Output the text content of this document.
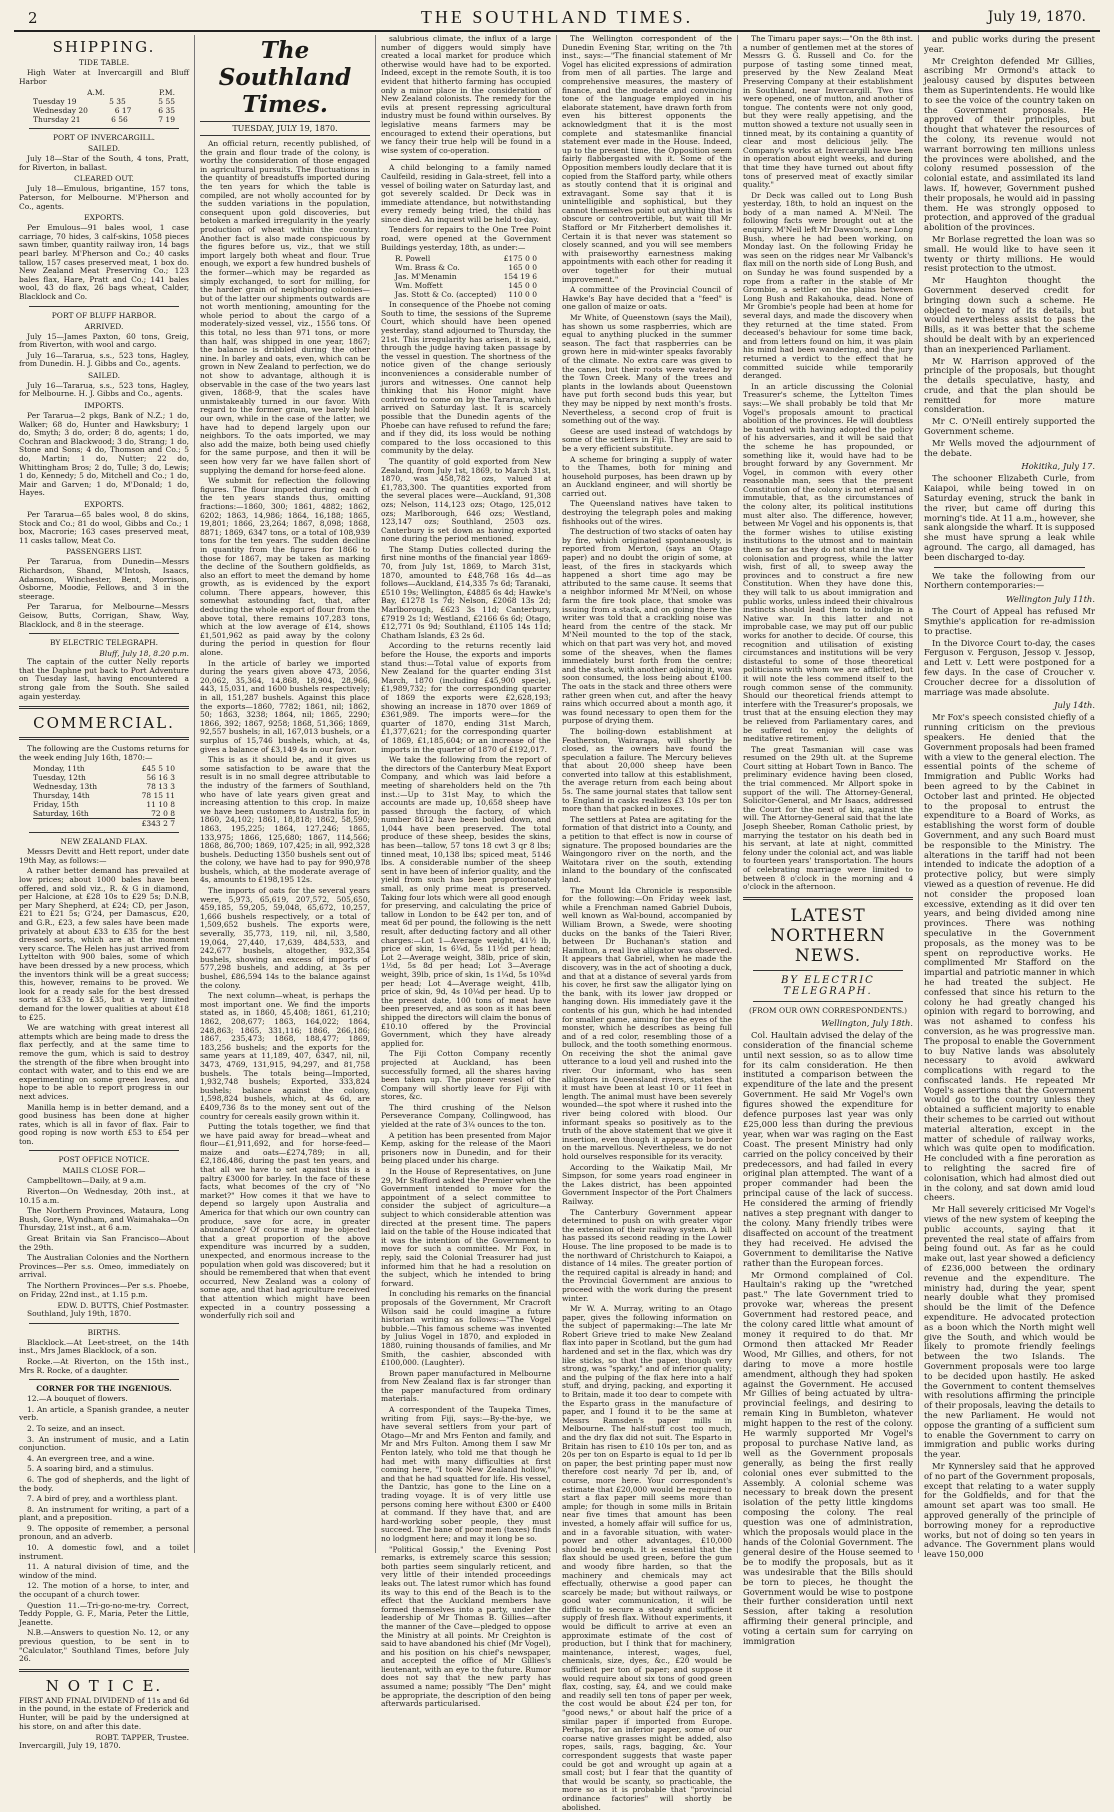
2	THE SOUTHLAND TIMES.	July 19, 1870.
SHIPPING.
TIDE TABLE.

High Water at Invercargill and Bluff Harbor

A.M.	P.M.
Tuesday 19	5 35	5 55
Wednesday 20	6 17	6 35
Thursday 21	6 56	7 19
PORT OF INVERCARGILL.
SAILED.

July 18—Star of the South, 4 tons, Pratt, for Riverton, in ballast.

CLEARED OUT.

July 18—Emulous, brigantine, 157 tons, Paterson, for Melbourne. M'Pherson and Co., agents.

EXPORTS.

Per Emulous—91 bales wool, 1 case carriage, 70 hides, 3 calf-skins, 1058 pieces sawn timber, quantity railway iron, 14 bags pearl barley. M'Pherson and Co.; 40 casks tallow, 157 cases preserved meat, 1 box do. New Zealand Meat Preserving Co.; 123 bales flax, Hare, Pratt and Co.; 141 bales wool, 43 do flax, 26 bags wheat, Calder, Blacklock and Co.

PORT OF BLUFF HARBOR.
ARRIVED.

July 15—James Paxton, 60 tons, Greig, from Riverton, with wool and cargo.

July 16—Tararua, s.s., 523 tons, Hagley, from Dunedin. H. J. Gibbs and Co., agents.

SAILED.

July 16—Tararua, s.s., 523 tons, Hagley, for Melbourne. H. J. Gibbs and Co., agents.

IMPORTS.

Per Tararua—2 pkgs, Bank of N.Z.; 1 do, Walker; 68 do, Hunter and Hawksbury; 1 do, Smyth; 3 do, order; 8 do, agents; 1 do, Cochran and Blackwood; 3 do, Strang; 1 do, Stone and Sons; 4 do, Thomson and Co.; 5 do, Martin; 1 do, Nutter; 22 do, Whittingham Bros; 2 do, Tulle; 3 do, Lewis; 1 do, Kennedy; 5 do, Mitchell and Co.; 1 do, Mair and Garven; 1 do, M'Donald; 1 do, Hayes.

EXPORTS.

Per Tararua—65 bales wool, 8 do skins, Stock and Co.; 81 do wool, Gibbs and Co.; 1 box, Macrorie; 163 cases preserved meat, 11 casks tallow, Meat Co.

PASSENGERS LIST.

Per Tararua, from Dunedin—Messrs Richardson, Shand, M'Intosh, Isaacs, Adamson, Winchester, Bent, Morrison, Osborne, Moodie, Fellows, and 3 in the steerage.

Per Tararua, for Melbourne—Messrs Geisow, Butts, Corrigan, Shaw, Way, Blacklock, and 8 in the steerage.

BY ELECTRIC TELEGRAPH.
Bluff, July 18, 8.20 p.m.

The captain of the cutter Nelly reports that the Daphne put back to Port Adventure on Tuesday last, having encountered a strong gale from the South. She sailed again yesterday.

COMMERCIAL.

The following are the Customs returns for the week ending July 16th, 1870:—

Monday, 11th	£45 5 10
Tuesday, 12th	56 16 3
Wednesday, 13th	78 13 3
Thursday, 14th	78 15 11
Friday, 15th	11 10 8
Saturday, 16th	72 0 8
£343 2 7
NEW ZEALAND FLAX.

Messrs Devitt and Hett report, under date 19th May, as follows:—

A rather better demand has prevailed at low prices; about 1000 bales have been offered, and sold viz., R. & G in diamond, per Halcione, at £28 10s to £29 5s; D.N.B, per Mary Shepherd, at £24; CD, per Jason, £21 to £21 5s; G'24, per Damascus, £20, and G.R., £23, a few sales have been made privately at about £33 to £35 for the best dressed sorts, which are at the moment very scarce. The Helen has just arrived from Lyttelton with 900 bales, some of which have been dressed by a new process, which the inventors think will be a great success; this, however, remains to be proved. We look for a ready sale for the best dressed sorts at £33 to £35, but a very limited demand for the lower qualities at about £18 to £25.

We are watching with great interest all attempts which are being made to dress the flax perfectly, and at the same time to remove the gum, which is said to destroy the strength of the fibre when brought into contact with water, and to this end we are experimenting on some green leaves, and hope to be able to report progress in our next advices.

Manilla hemp is in better demand, and a good business has been done at higher rates, which is all in favor of flax. Fair to good roping is now worth £53 to £54 per ton.

POST OFFICE NOTICE.
MAILS CLOSE FOR—

Campbelltown—Daily, at 9 a.m.

Riverton—On Wednesday, 20th inst., at 10.15 a.m.

The Northern Provinces, Mataura, Long Bush, Gore, Wyndham, and Waimahaka—On Thursday, 21st inst., at 6 a.m.

Great Britain via San Francisco—About the 29th.

The Australian Colonies and the Northern Provinces—Per s.s. Omeo, immediately on arrival.

The Northern Provinces—Per s.s. Phoebe, on Friday, 22nd inst., at 1.15 p.m.

EDW. D. BUTTS, Chief Postmaster.

Southland, July 19th, 1870.

BIRTHS.

Blacklock.—At Leet-street, on the 14th inst., Mrs James Blacklock, of a son.

Rocke.—At Riverton, on the 15th inst., Mrs R. Rocke, of a daughter.

CORNER FOR THE INGENIOUS.

12.—A bouquet of flowers.

1. An article, a Spanish grandee, a neuter verb.

2. To seize, and an insect.

3. An instrument of music, and a Latin conjunction.

4. An evergreen tree, and a wine.

5. A soaring bird, and a stimulus.

6. The god of shepherds, and the light of the body.

7. A bird of prey, and a worthless plant.

8. An instrument for writing, a part of a plant, and a preposition.

9. The opposite of remember, a personal pronoun, and an adverb.

10. A domestic fowl, and a toilet instrument.

11. A natural division of time, and the window of the mind.

12. The motion of a horse, to inter, and the occupant of a church tower.

Question 11.—Tri-go-no-me-try. Correct, Teddy Popple, G. F., Maria, Peter the Little, Jeanette.

N.B.—Answers to question No. 12, or any previous question, to be sent in to "Calculator," Southland Times, before July 26.

N O T I C E.

FIRST AND FINAL DIVIDEND of 11s and 6d in the pound, in the estate of Frederick and Hunter, will be paid by the undersigned at his store, on and after this date.

ROBT. TAPPER, Trustee.

Invercargill, July 19, 1870.

The Southland Times.
TUESDAY, JULY 19, 1870.

An official return, recently published, of the grain and flour trade of the colony, is worthy the consideration of those engaged in agricultural pursuits. The fluctuations in the quantity of breadstuffs imported during the ten years for which the table is compiled, are not wholly accounted for by the sudden variations in the population, consequent upon gold discoveries, but betoken a marked irregularity in the yearly production of wheat within the country. Another fact is also made conspicuous by the figures before us, viz., that we still import largely both wheat and flour. True enough, we export a few hundred bushels of the former—which may be regarded as simply exchanged, to sort for milling, for the harder grain of neighboring colonies—but of the latter our shipments outwards are not worth mentioning, amounting for the whole period to about the cargo of a moderately-sized vessel, viz., 1556 tons. Of this total, no less than 971 tons, or more than half, was shipped in one year, 1867; the balance is dribbled during the other nine. In barley and oats, even, which can be grown in New Zealand to perfection, we do not show to advantage, although it is observable in the case of the two years last given, 1868-9, that the scales have unmistakeably turned in our favor. With regard to the former grain, we barely hold our own, while in the case of the latter, we have had to depend largely upon our neighbors. To the oats imported, we may also add the maize, both being used chiefly for the same purpose, and then it will be seen how very far we have fallen short of supplying the demand for horse-feed alone.

We submit for reflection the following figures. The flour imported during each of the ten years stands thus, omitting fractions:—1860, 300; 1861, 4882; 1862, 6202; 1863, 14,986; 1864, 16,188; 1865, 19,801; 1866, 23,264; 1867, 8,098; 1868, 8871; 1869, 6347 tons, or a total of 108,939 tons for the ten years. The sudden decline in quantity from the figures for 1866 to those for 1867, may be taken as marking the decline of the Southern goldfields, as also an effort to meet the demand by home growth, as is evidenced by the export column. There appears, however, this somewhat astounding fact, that, after deducting the whole export of flour from the above total, there remains 107,283 tons, which at the low average of £14, shows £1,501,962 as paid away by the colony during the period in question for flour alone.

In the article of barley we imported during the years given above 473, 2056, 20,062, 35,364, 14,868, 18,904, 28,966, 443, 15,031, and 1600 bushels respectively; in all, 151,287 bushels. Against this place the exports—1860, 7782; 1861, nil; 1862, 50; 1863, 3238; 1864, nil; 1865, 2290; 1866, 392; 1867, 9258; 1868, 51,366; 1869, 92,557 bushels; in all, 167,013 bushels, or a surplus of 15,746 bushels, which, at 4s, gives a balance of £3,149 4s in our favor.

This is as it should be, and it gives us some satisfaction to be aware that the result is in no small degree attributable to the industry of the farmers of Southland, who have of late years given great and increasing attention to this crop. In maize we have been customers to Australia for, in 1860, 24,102; 1861, 18,818; 1862, 58,590; 1863, 195,225; 1864, 127,246; 1865, 133,975; 1866, 125,680; 1867, 114,566; 1868, 86,700; 1869, 107,425; in all, 992,328 bushels. Deducting 1350 bushels sent out of the colony, we have had to pay for 990,978 bushels, which, at the moderate average of 4s, amounts to £198,195 12s.

The imports of oats for the several years were, 5,973, 65,619, 207,572, 505,650, 459,185, 59,205, 59,048, 65,672, 10,257, 1,666 bushels respectively, or a total of 1,509,652 bushels. The exports were, severally, 35,773, 119, nil, nil, 3,580, 19,064, 27,440, 17,639, 484,533, and 242,677 bushels, altogether, 932,354 bushels, showing an excess of imports of 577,298 bushels, and adding, at 3s per bushel, £86,594 14s to the balance against the colony.

The next column—wheat, is perhaps the most important one. We find the imports stated as, in 1860, 45,408; 1861, 61,210; 1862, 208,677; 1863, 164,022; 1864, 248,863; 1865, 331,116; 1866, 266,186; 1867, 235,473; 1868, 188,477; 1869, 183,256 bushels; and the exports for the same years at 11,189, 407, 6347, nil, nil, 3473, 4769, 131,915, 94,297, and 81,758 bushels. The totals being—Imported, 1,932,748 bushels; Exported, 333,824 bushels; balance against the colony, 1,598,824 bushels, which, at 4s 6d, are £409,736 8s to the money sent out of the country for cereals easily grown within it.

Putting the totals together, we find that we have paid away for bread—wheat and flour—£1,911,692, and for horse-feed—maize and oats—£274,789; in all, £2,186,486, during the past ten years, and that all we have to set against this is a paltry £3000 for barley. In the face of these facts, what becomes of the cry of "No market?" How comes it that we have to depend so largely upon Australia and America for that which our own country can produce, save for acre, in greater abundance? Of course it may be objected that a great proportion of the above expenditure was incurred by a sudden, unexpected, and enormous increase to the population when gold was discovered; but it should be remembered that when that event occurred, New Zealand was a colony of some age, and that had agriculture received that attention which might have been expected in a country possessing a wonderfully rich soil and

salubrious climate, the influx of a large number of diggers would simply have created a local market for produce which otherwise would have had to be exported. Indeed, except in the remote South, it is too evident that hitherto farming has occupied only a minor place in the consideration of New Zealand colonists. The remedy for the evils at present repressing agricultural industry must be found within ourselves. By legislative means farmers may be encouraged to extend their operations, but we fancy their true help will be found in a wise system of co-operation.

A child belonging to a family named Caulfeild, residing in Gala-street, fell into a vessel of boiling water on Saturday last, and got severely scalded. Dr Deck was in immediate attendance, but notwithstanding every remedy being tried, the child has since died. An inquest will be held to-day.

Tenders for repairs to the One Tree Point road, were opened at the Government Buildings yesterday, 18th, as under:—

R. Powell	£175 0 0
Wm. Brass & Co.	165 0 0
Jas. M'Menamin	154 19 6
Wm. Moffett	145 0 0
Jas. Stott & Co. (accepted) 110 0 0

In consequence of the Phoebe not coming South to time, the sessions of the Supreme Court, which should have been opened yesterday, stand adjourned to Thursday, the 21st. This irregularity has arisen, it is said, through the judge having taken passage by the vessel in question. The shortness of the notice given of the change seriously inconveniences a considerable number of jurors and witnesses. One cannot help thinking that his Honor might have contrived to come on by the Tararua, which arrived on Saturday last. It is scarcely possible that the Dunedin agents of the Phoebe can have refused to refund the fare; and if they did, its loss would be nothing compared to the loss occasioned to this community by the delay.

The quantity of gold exported from New Zealand, from July 1st, 1869, to March 31st, 1870, was 458,782 ozs, valued at £1,783,300. The quantities exported from the several places were—Auckland, 91,308 ozs; Nelson, 114,123 ozs; Otago, 125,012 ozs; Marlborough, 646 ozs; Westland, 123,147 ozs; Southland, 2503 ozs. Canterbury is set down as having exported none during the period mentioned.

The Stamp Duties collected during the first nine months of the financial year 1869-70, from July 1st, 1869, to March 31st, 1870, amounted to £48,768 16s 4d—as follows—Auckland, £14,335 7s 6d; Taranaki, £510 19s; Wellington, £4885 6s 4d; Hawke's Bay, £1278 1s 7d; Nelson, £2068 13s 2d; Marlborough, £623 3s 11d; Canterbury, £7919 2s 1d; Westland, £2166 6s 6d; Otago, £12,771 0s 9d; Southland, £1105 14s 11d; Chatham Islands, £3 2s 6d.

According to the returns recently laid before the House, the exports and imports stand thus:—Total value of exports from New Zealand for the quarter ending 31st March, 1870 (including £45,900 specie), £1,989,732; for the corresponding quarter of 1869 the exports were £2,628,193; showing an increase in 1870 over 1869 of £361,989. The imports were—for the quarter of 1870, ending 31st March, £1,377,621; for the corresponding quarter of 1869, £1,185,604; or an increase of the imports in the quarter of 1870 of £192,017.

We take the following from the report of the directors of the Canterbury Meat Export Company, and which was laid before a meeting of shareholders held on the 7th inst.:—Up to 31st May, to which the accounts are made up, 10,658 sheep have passed through the factory, of which number 8612 have been boiled down, and 1,044 have been preserved. The total produce of these sheep, besides the skins, has been—tallow, 57 tons 18 cwt 3 qr 8 lbs; tinned meat, 10,138 lbs; spiced meat, 5146 lbs. A considerable number of the sheep sent in have been of inferior quality, and the yield from such has been proportionately small, as only prime meat is preserved. Taking four lots which were all good enough for preserving, and calculating the price of tallow in London to be £42 per ton, and of meat 6d per pound, the following is the nett result, after deducting factory and all other charges:—Lot 1—Average weight, 41½ lb, price of skin, 1s 6¼d, 5s 11½d per head; Lot 2—Average weight, 38lb, price of skin, 1½d, 5s 8d per head; Lot 3—Average weight, 39lb, price of skin, 1s 1¼d, 5s 10¾d per head; Lot 4—Average weight, 41lb, price of skin, 9d, 4s 10¼d per head. Up to the present date, 100 tons of meat have been preserved, and as soon as it has been shipped the directors will claim the bonus of £10.10 offered by the Provincial Government, which they have already applied for.

The Fiji Cotton Company recently projected at Auckland, has been successfully formed, all the shares having been taken up. The pioneer vessel of the Company will shortly leave for Fiji with stores, &c.

The third crushing of the Nelson Perseverance Company, Collingwood, has yielded at the rate of 3¼ ounces to the ton.

A petition has been presented from Major Kemp, asking for the release of the Maori prisoners now in Dunedin, and for their being placed under his charge.

In the House of Representatives, on June 29, Mr Stafford asked the Premier when the Government intended to move for the appointment of a select committee to consider the subject of agriculture—a subject to which considerable attention was directed at the present time. The papers laid on the table of the House indicated that it was the intention of the Government to move for such a committee. Mr Fox, in reply, said the Colonial Treasurer had just informed him that he had a resolution on the subject, which he intended to bring forward.

In concluding his remarks on the financial proposals of the Government, Mr Cracroft Wilson said he could imagine a future historian writing as follows:—"The Vogel bubble.—This famous scheme was invented by Julius Vogel in 1870, and exploded in 1880, ruining thousands of families, and Mr Smith, the cashier, absconded with £100,000. (Laughter).

Brown paper manufactured in Melbourne from New Zealand flax is far stronger than the paper manufactured from ordinary materials.

A correspondent of the Taupeka Times, writing from Fiji, says:—By-the-bye, we have several settlers from your part of Otago—Mr and Mrs Fenton and family, and Mr and Mrs Fulton. Among them I saw Mr Fenton lately, who told me that though he had met with many difficulties at first coming here, "I took New Zealand hollow," and that he had squatted for life. His vessel, the Dantzic, has gone to the Line on a trading voyage. It is of very little use persons coming here without £300 or £400 at command. If they have that, and are hard-working sober people, they must succeed. The bane of poor men (taxes) finds no lodgment here; and may it long be so.

"Political Gossip," the Evening Post remarks, is extremely scarce this session; both parties seem singularly reticent, and very little of their intended proceedings leaks out. The latest rumor which has found its way to this end of the Beach is to the effect that the Auckland members have formed themselves into a party, under the leadership of Mr Thomas B. Gillies—after the manner of the Cave—pledged to oppose the Ministry at all points. Mr Creighton is said to have abandoned his chief (Mr Vogel), and his position on his chief's newspaper, and accepted the office of Mr Gillies's lieutenant, with an eye to the future. Rumor does not say that the new party has assumed a name; possibly "The Den" might be appropriate, the description of den being afterwards particularised.

The Wellington correspondent of the Dunedin Evening Star, writing on the 7th inst., says:—"The financial statement of Mr Vogel has elicited expressions of admiration from men of all parties. The large and comprehensive measures, the mastery of finance, and the moderate and convincing tone of the language employed in his elaborate statement, have drawn forth from even his bitterest opponents the acknowledgment that it is the most complete and statesmanlike financial statement ever made in the House. Indeed, up to the present time, the Opposition seem fairly flabbergasted with it. Some of the Opposition members loudly declare that it is copied from the Stafford party, while others as stoutly contend that it is original and extravagant. Some say that it is unintelligible and sophistical, but they cannot themselves point out anything that is obscure or controvertible, but wait till Mr Stafford or Mr Fitzherbert demolishes it. Certain it is that never was statement so closely scanned, and you will see members with praiseworthy earnestness making appointments with each other for reading it over together for their mutual improvement."

A committee of the Provincial Council of Hawke's Bay have decided that a "feed" is one gallon of maize or oats.

Mr White, of Queenstown (says the Mail), has shown us some raspberries, which are equal to anything plucked in the summer season. The fact that raspberries can be grown here in mid-winter speaks favorably of the climate. No extra care was given to the canes, but their roots were watered by the Town Creek. Many of the trees and plants in the lowlands about Queenstown have put forth second buds this year, but they may be nipped by next month's frosts. Nevertheless, a second crop of fruit is something out of the way.

Geese are used instead of watchdogs by some of the settlers in Fiji. They are said to be a very efficient substitute.

A scheme for bringing a supply of water to the Thames, both for mining and household purposes, has been drawn up by an Auckland engineer, and will shortly be carried out.

The Queensland natives have taken to destroying the telegraph poles and making fishhooks out of the wires.

The destruction of two stacks of oaten hay by fire, which originated spontaneously, is reported from Merton, (says an Otago paper) and no doubt the origin of some, at least, of the fires in stackyards which happened a short time ago may be attributed to the same cause. It seems that a neighbor informed Mr M'Neil, on whose farm the fire took place, that smoke was issuing from a stack, and on going there the writer was told that a crackling noise was heard from the centre of the stack. Mr M'Neil mounted to the top of the stack, which on that part was very hot, and moved some of the sheaves, when the flames immediately burst forth from the centre; and the stack, with another adjoining it, was soon consumed, the loss being about £100. The oats in the stack and three others were rather green when cut, and after the heavy rains which occurred about a month ago, it was found necessary to open them for the purpose of drying them.

The boiling-down establishment at Featherston, Wairarapa, will shortly be closed, as the owners have found the speculation a failure. The Mercury believes that about 20,000 sheep have been converted into tallow at this establishment, the average return from each being about 5s. The same journal states that tallow sent to England in casks realizes £3 10s per ton more than that packed in boxes.

The settlers at Patea are agitating for the formation of that district into a County, and a petition to that effect is now in course of signature. The proposed boundaries are the Waingongoro river on the north, and the Waitotara river on the south, extending inland to the boundary of the confiscated land.

The Mount Ida Chronicle is responsible for the following:—On Friday week last, while a Frenchman named Gabriel Dubois, well known as Wal-bound, accompanied by William Brown, a Swede, were shooting ducks on the banks of the Taieri River, between Dr Buchanan's station and Hamilton, a real live alligator was observed. It appears that Gabriel, when he made the discovery, was in the act of shooting a duck, and that at a distance of several yards from his cover, he first saw the alligator lying on the bank, with its lower jaw dropped or hanging down. His immediately gave it the contents of his gun, which he had intended for smaller game, aiming for the eyes of the monster, which he describes as being full and of a red color, resembling those of a bullock, and the tooth something enormous. On receiving the shot the animal gave utterance to a loud yell and rushed into the river. Our informant, who has seen alligators in Queensland rivers, states that it must have been at least 10 or 11 feet in length. The animal must have been severely wounded—the spot where it rushed into the river being colored with blood. Our informant speaks so positively as to the truth of the above statement that we give it insertion, even though it appears to border on the marvellous. Nevertheless, we do not hold ourselves responsible for its veracity.

According to the Waikatip Mail, Mr Simpson, for some years road engineer in the Lakes district, has been appointed Government Inspector of the Port Chalmers Railway.

The Canterbury Government appear determined to push on with greater vigor the extension of their railway system. A bill has passed its second reading in the Lower House. The line proposed to be made is to the northward of Christchurch to Kaiapoi, a distance of 14 miles. The greater portion of the required capital is already in hand; and the Provincial Government are anxious to proceed with the work during the present winter.

Mr W. A. Murray, writing to an Otago paper, gives the following information on the subject of papermaking:—The late Mr Robert Grieve tried to make New Zealand flax into paper in Scotland, but the gum had hardened and set in the flax, which was dry like sticks, so that the paper, though very strong, was "sparky," and of inferior quality; and the pulping of the flax here into a half stuff, and drying, packing, and exporting it to Britain, made it too dear to compete with the Esparto grass in the manufacture of paper, and I found it to be the same at Messrs Ramsden's paper mills in Melbourne. The half-stuff cost too much, and the dry flax did not suit. The Esparto in Britain has risen to £10 10s per ton, and as 20s per ton on Esparto is equal to 1d per lb on paper, the best printing paper must now therefore cost nearly 7d per lb, and, of course, more here. Your correspondent's estimate that £20,000 would be required to start a flax paper mill seems more than ample; for though in some mills in Britain near five times that amount has been invested, a homely affair will suffice for us, and in a favorable situation, with water-power and other advantages, £10,000 should be enough. It is essential that the flax should be used green, before the gum and woody fibre harden, so that the machinery and chemicals may act effectually, otherwise a good paper can scarcely be made; but without railways, or good water communication, it will be difficult to secure a steady and sufficient supply of fresh flax. Without experiments, it would be difficult to arrive at even an approximate estimate of the cost of production, but I think that for machinery, maintenance, interest, wages, fuel, chemicals, size, dyes, &c., £20 would be sufficient per ton of paper; and suppose it would require about six tons of good green flax, costing, say, £4, and we could make and readily sell ten tons of paper per week, the cost would be about £24 per ton, for "good news," or about half the price of a similar paper if imported from Europe. Perhaps, for an inferior paper, some of our coarse native grasses might be added, also ropes, sails, rags, bagging, &c. Your correspondent suggests that waste paper could be got and wrought up again at a small cost; but I fear that the quantity of that would be scanty, so practicable, the more so as it is probable that "provincial ordinance factories" will shortly be abolished.

The Timaru paper says:—"On the 8th inst. a number of gentlemen met at the stores of Messrs G. G. Russell and Co. for the purpose of tasting some tinned meat, preserved by the New Zealand Meat Preserving Company at their establishment in Southland, near Invercargill. Two tins were opened, one of mutton, and another of tongue. The contents were not only good, but they were really appetising, and the mutton showed a texture not usually seen in tinned meat, by its containing a quantity of clear and most delicious jelly. The Company's works at Invercargill have been in operation about eight weeks, and during that time they have turned out about fifty tons of preserved meat of exactly similar quality."

Dr Deck was called out to Long Bush yesterday, 18th, to hold an inquest on the body of a man named A. M'Neil. The following facts were brought out at the enquiry. M'Neil left Mr Dawson's, near Long Bush, where he had been working, on Monday last. On the following Friday he was seen on the ridges near Mr Valbanck's flax mill on the north side of Long Bush, and on Sunday he was found suspended by a rope from a rafter in the stable of Mr Grombie, a settler on the plains between Long Bush and Rakahouka, dead. None of Mr Grombie's people had been at home for several days, and made the discovery when they returned at the time stated. From deceased's behaviour for some time back, and from letters found on him, it was plain his mind had been wandering, and the jury returned a verdict to the effect that he committed suicide while temporarily deranged.

In an article discussing the Colonial Treasurer's scheme, the Lyttelton Times says:—We shall probably be told that Mr Vogel's proposals amount to practical abolition of the provinces. He will doubtless be taunted with having adopted the policy of his adversaries, and it will be said that the scheme he has propounded, or something like it, would have had to be brought forward by any Government. Mr Vogel, in common with every other reasonable man, sees that the present Constitution of the colony is not eternal and immutable, that, as the circumstances of the colony alter, its political institutions must alter also. The difference, however, between Mr Vogel and his opponents is, that the former wishes to utilise existing institutions to the utmost and to maintain them so far as they do not stand in the way colonisation and progress, while the latter wish, first of all, to sweep away the provinces and to construct a fire new Constitution. When they have done this, they will talk to us about immigration and public works, unless indeed their chivalrous instincts should lead them to indulge in a Native war. In this latter and not improbable case, we may put off our public works for another to decide. Of course, this recognition and utilisation of existing circumstances and institutions will be very distasteful to some of those theoretical politicians with whom we are afflicted, but it will note the less commend itself to the rough common sense of the community. Should our theoretical friends attempt to interfere with the Treasurer's proposals, we trust that at the ensuing election they may be relieved from Parliamentary cares, and be suffered to enjoy the delights of meditative retirement.

The great Tasmanian will case was resumed on the 29th ult. at the Supreme Court sitting at Hobart Town in Banco. The preliminary evidence having been closed, the trial commenced. Mr Allport spoke in support of the will. The Attorney-General, Solicitor-General, and Mr Isaacs, addressed the Court for the next of kin, against the will. The Attorney-General said that the late Joseph Sheeber, Roman Catholic priest, by marrying the testator on his death bed in his servant, at late at night, committed felony under the colonial act, and was liable to fourteen years' transportation. The hours of celebrating marriage were limited to between 8 o'clock in the morning and 4 o'clock in the afternoon.

LATEST NORTHERN NEWS.
BY ELECTRIC TELEGRAPH.
(FROM OUR OWN CORRESPONDENTS.)
Wellington, July 18th.

Col. Haultain advised the delay of the consideration of the financial scheme until next session, so as to allow time for its calm consideration. He then instituted a comparison between the expenditure of the late and the present Government. He said Mr Vogel's own figures showed the expenditure for defence purposes last year was only £25,000 less than during the previous year, when war was raging on the East Coast. The present Ministry had only carried on the policy conceived by their predecessors, and had failed in every original plan attempted. The want of a proper commander had been the principal cause of the lack of success. He considered the arming of friendly natives a step pregnant with danger to the colony. Many friendly tribes were disaffected on account of the treatment they had received. He advised the Government to demilitarise the Native rather than the European forces.

Mr Ormond complained of Col. Haultain's raking up the "wretched past." The late Government tried to provoke war, whereas the present Government had restored peace, and the colony cared little what amount of money it required to do that. Mr Ormond then attacked Mr Reader Wood, Mr Gillies, and others, for not daring to move a more hostile amendment, although they had spoken against the Government. He accused Mr Gillies of being actuated by ultra-provincial feelings, and desiring to remain King in Bumbleton, whatever might happen to the rest of the colony. He warmly supported Mr Vogel's proposal to purchase Native land, as well as the Government proposals generally, as being the first really colonial ones ever submitted to the Assembly. A colonial scheme was necessary to break down the present isolation of the petty little kingdoms composing the colony. The real question was one of administration, which the proposals would place in the hands of the Colonial Government. The general desire of the House seemed to be to modify the proposals, but as it was undesirable that the Bills should be torn to pieces, he thought the Government would be wise to postpone their further consideration until next Session, after taking a resolution affirming their general principle, and voting a certain sum for carrying on immigration

and public works during the present year.

Mr Creighton defended Mr Gillies, ascribing Mr Ormond's attack to jealousy caused by disputes between them as Superintendents. He would like to see the voice of the country taken on the Government proposals. He approved of their principles, but thought that whatever the resources of the colony, its revenue would not warrant borrowing ten millions unless the provinces were abolished, and the colony resumed possession of the colonial estate, and assimilated its land laws. If, however, Government pushed their proposals, he would aid in passing them. He was strongly opposed to protection, and approved of the gradual abolition of the provinces.

Mr Borlase regretted the loan was so small. He would like to have seen it twenty or thirty millions. He would resist protection to the utmost.

Mr Haughton thought the Government deserved credit for bringing down such a scheme. He objected to many of its details, but would nevertheless assist to pass the Bills, as it was better that the scheme should be dealt with by an experienced than an inexperienced Parliament.

Mr W. Harrison approved of the principle of the proposals, but thought the details speculative, hasty, and crude, and that the plan should be remitted for more mature consideration.

Mr C. O'Neill entirely supported the Government scheme.

Mr Wells moved the adjournment of the debate.

Hokitika, July 17.

The schooner Elizabeth Curle, from Kaiapoi, while being towed in on Saturday evening, struck the bank in the river, but came off during this morning's tide. At 11 a.m., however, she sank alongside the wharf. It is supposed she must have sprung a leak while aground. The cargo, all damaged, has been discharged to-day.

We take the following from our Northern contemporaries:—

Wellington July 11th.

The Court of Appeal has refused Mr Smythie's application for re-admission to practise.

In the Divorce Court to-day, the cases Ferguson v. Ferguson, Jessop v. Jessop, and Lett v. Lett were postponed for a few days. In the case of Croucher v. Croucher decree for a dissolution of marriage was made absolute.

July 14th.

Mr Fox's speech consisted chiefly of a running criticism on the previous speakers. He denied that the Government proposals had been framed with a view to the general election. The essential points of the scheme of Immigration and Public Works had been agreed to by the Cabinet in October last and printed. He objected to the proposal to entrust the expenditure to a Board of Works, as establishing the worst form of double Government, and any such Board must be responsible to the Ministry. The alterations in the tariff had not been intended to indicate the adoption of a protective policy, but were simply viewed as a question of revenue. He did not consider the proposed loan excessive, extending as it did over ten years, and being divided among nine provinces. There was nothing speculative in the Government proposals, as the money was to be spent on reproductive works. He complimented Mr Stafford on the impartial and patriotic manner in which he had treated the subject. He confessed that since his return to the colony he had greatly changed his opinion with regard to borrowing, and was not ashamed to confess his conversion, as he was progressive man. The proposal to enable the Government to buy Native lands was absolutely necessary to avoid awkward complications with regard to the confiscated lands. He repeated Mr Vogel's assertions that the Government would go to the country unless they obtained a sufficient majority to enable their schemes to be carried out without material alteration, except in the matter of schedule of railway works, which was quite open to modification. He concluded with a fine peroration as to relighting the sacred fire of colonisation, which had almost died out in the colony, and sat down amid loud cheers.

Mr Hall severely criticised Mr Vogel's views of the new system of keeping the public accounts, saying that it prevented the real state of affairs from being found out. As far as he could make out, last year showed a deficiency of £236,000 between the ordinary revenue and the expenditure. The ministry had, during the year, spent nearly double what they promised should be the limit of the Defence expenditure. He advocated protection as a boon which the North might well give the South, and which would be likely to promote friendly feelings between the two Islands. The Government proposals were too large to be decided upon hastily. He asked the Government to content themselves with resolutions affirming the principle of their proposals, leaving the details to the new Parliament. He would not oppose the granting of a sufficient sum to enable the Government to carry on immigration and public works during the year.

Mr Kynnersley said that he approved of no part of the Government proposals, except that relating to a water supply for the Goldfields, and for that the amount set apart was too small. He approved generally of the principle of borrowing money for a reproductive works, but not of doing so ten years in advance. The Government plans would leave 150,000
